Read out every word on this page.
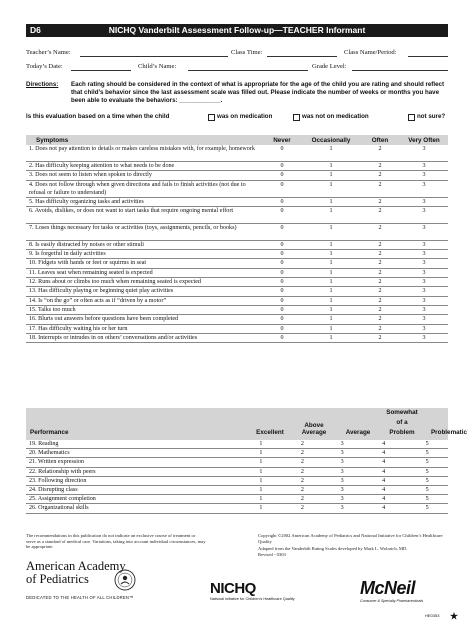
D6	NICHQ Vanderbilt Assessment Follow-up—TEACHER Informant
Teacher’s Name:	Class Time:	Class Name/Period:
Today’s Date:	Child’s Name:	Grade Level:
Directions: Each rating should be considered in the context of what is appropriate for the age of the child you are rating and should reflect that child’s behavior since the last assessment scale was filled out. Please indicate the number of weeks or months you have been able to evaluate the behaviors: ____________.
Is this evaluation based on a time when the child	was on medication	was not on medication	not sure?
Symptoms	Never	Occasionally	Often	Very Often
1. Does not pay attention to details or makes careless mistakes with, for example, homework	0	1	2	3
2. Has difficulty keeping attention to what needs to be done	0	1	2	3
3. Does not seem to listen when spoken to directly	0	1	2	3
4. Does not follow through when given directions and fails to finish activities (not due to refusal or failure to understand)	0	1	2	3
5. Has difficulty organizing tasks and activities	0	1	2	3
6. Avoids, dislikes, or does not want to start tasks that require ongoing mental effort	0	1	2	3
7. Loses things necessary for tasks or activities (toys, assignments, pencils, or books)	0	1	2	3
8. Is easily distracted by noises or other stimuli	0	1	2	3
9. Is forgetful in daily activities	0	1	2	3
10. Fidgets with hands or feet or squirms in seat	0	1	2	3
11. Leaves seat when remaining seated is expected	0	1	2	3
12. Runs about or climbs too much when remaining seated is expected	0	1	2	3
13. Has difficulty playing or beginning quiet play activities	0	1	2	3
14. Is “on the go” or often acts as if “driven by a motor”	0	1	2	3
15. Talks too much	0	1	2	3
16. Blurts out answers before questions have been completed	0	1	2	3
17. Has difficulty waiting his or her turn	0	1	2	3
18. Interrupts or intrudes in on others’ conversations and/or activities	0	1	2	3
Performance	Excellent
Above
Average	Average
Somewhat
of a
Problem	Problematic
19. Reading	1	2	3	4	5
20. Mathematics	1	2	3	4	5
21. Written expression	1	2	3	4	5
22. Relationship with peers	1	2	3	4	5
23. Following direction	1	2	3	4	5
24. Disrupting class	1	2	3	4	5
25. Assignment completion	1	2	3	4	5
26. Organizational skills	1	2	3	4	5
The recommendations in this publication do not indicate an exclusive course of treatment or serve as a standard of medical care. Variations, taking into account individual circumstances, may be appropriate.
Copyright ©2002 American Academy of Pediatrics and National Initiative for Children’s Healthcare Quality
Adapted from the Vanderbilt Rating Scales developed by Mark L. Wolraich, MD.
Revised - 0303
American Academy
of Pediatrics
DEDICATED TO THE HEALTH OF ALL CHILDREN™
NICHQ
National Initiative for Children’s Healthcare Quality
McNeil
Consumer & Specialty Pharmaceuticals
HE0353
